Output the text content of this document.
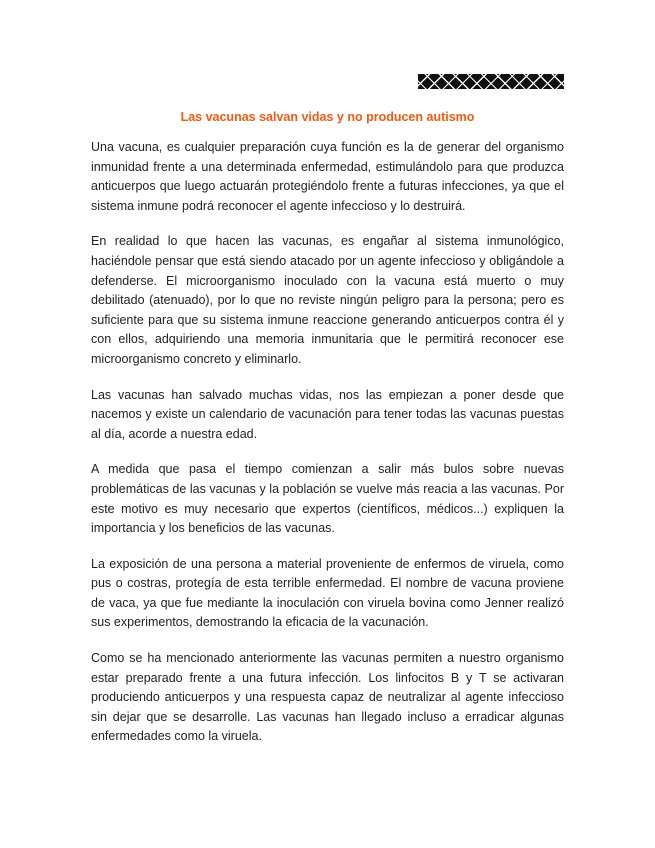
Las vacunas salvan vidas y no producen autismo

Una vacuna, es cualquier preparación cuya función es la de generar del organismo inmunidad frente a una determinada enfermedad, estimulándolo para que produzca anticuerpos que luego actuarán protegiéndolo frente a futuras infecciones, ya que el sistema inmune podrá reconocer el agente infeccioso y lo destruirá.

En realidad lo que hacen las vacunas, es engañar al sistema inmunológico, haciéndole pensar que está siendo atacado por un agente infeccioso y obligándole a defenderse. El microorganismo inoculado con la vacuna está muerto o muy debilitado (atenuado), por lo que no reviste ningún peligro para la persona; pero es suficiente para que su sistema inmune reaccione generando anticuerpos contra él y con ellos, adquiriendo una memoria inmunitaria que le permitirá reconocer ese microorganismo concreto y eliminarlo.

Las vacunas han salvado muchas vidas, nos las empiezan a poner desde que nacemos y existe un calendario de vacunación para tener todas las vacunas puestas al día, acorde a nuestra edad.

A medida que pasa el tiempo comienzan a salir más bulos sobre nuevas problemáticas de las vacunas y la población se vuelve más reacia a las vacunas. Por este motivo es muy necesario que expertos (científicos, médicos...) expliquen la importancia y los beneficios de las vacunas.

La exposición de una persona a material proveniente de enfermos de viruela, como pus o costras, protegía de esta terrible enfermedad. El nombre de vacuna proviene de vaca, ya que fue mediante la inoculación con viruela bovina como Jenner realizó sus experimentos, demostrando la eficacia de la vacunación.

Como se ha mencionado anteriormente las vacunas permiten a nuestro organismo estar preparado frente a una futura infección. Los linfocitos B y T se activaran produciendo anticuerpos y una respuesta capaz de neutralizar al agente infeccioso sin dejar que se desarrolle. Las vacunas han llegado incluso a erradicar algunas enfermedades como la viruela.
